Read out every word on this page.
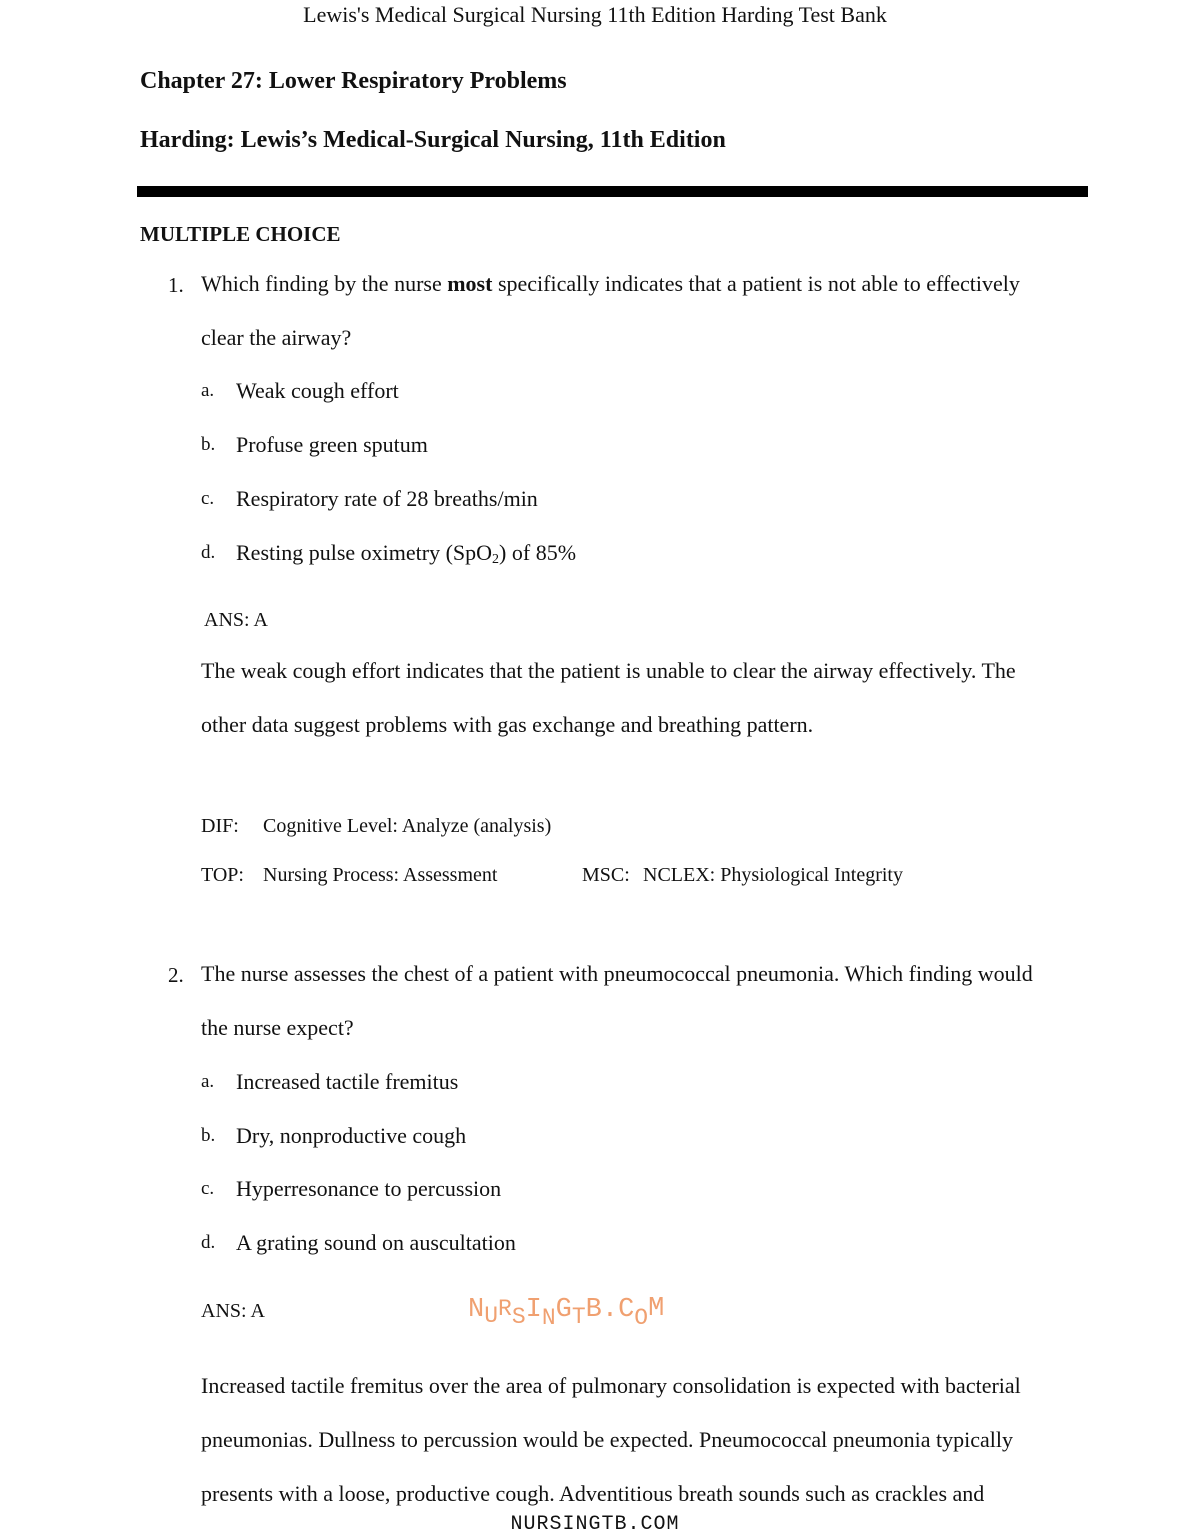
Lewis's Medical Surgical Nursing 11th Edition Harding Test Bank
Chapter 27: Lower Respiratory Problems
Harding: Lewis’s Medical-Surgical Nursing, 11th Edition
MULTIPLE CHOICE
1. Which finding by the nurse most specifically indicates that a patient is not able to effectively
clear the airway?
a. Weak cough effort
b. Profuse green sputum
c. Respiratory rate of 28 breaths/min
d. Resting pulse oximetry (SpO$_2$) of 85%
ANS: A
The weak cough effort indicates that the patient is unable to clear the airway effectively. The
other data suggest problems with gas exchange and breathing pattern.
DIF: Cognitive Level: Analyze (analysis)
TOP: Nursing Process: Assessment	MSC: NCLEX: Physiological Integrity
2. The nurse assesses the chest of a patient with pneumococcal pneumonia. Which finding would
the nurse expect?
a. Increased tactile fremitus
b. Dry, nonproductive cough
c. Hyperresonance to percussion
d. A grating sound on auscultation
ANS: A	NURSINGTB.COM
Increased tactile fremitus over the area of pulmonary consolidation is expected with bacterial
pneumonias. Dullness to percussion would be expected. Pneumococcal pneumonia typically
presents with a loose, productive cough. Adventitious breath sounds such as crackles and
NURSINGTB.COM
